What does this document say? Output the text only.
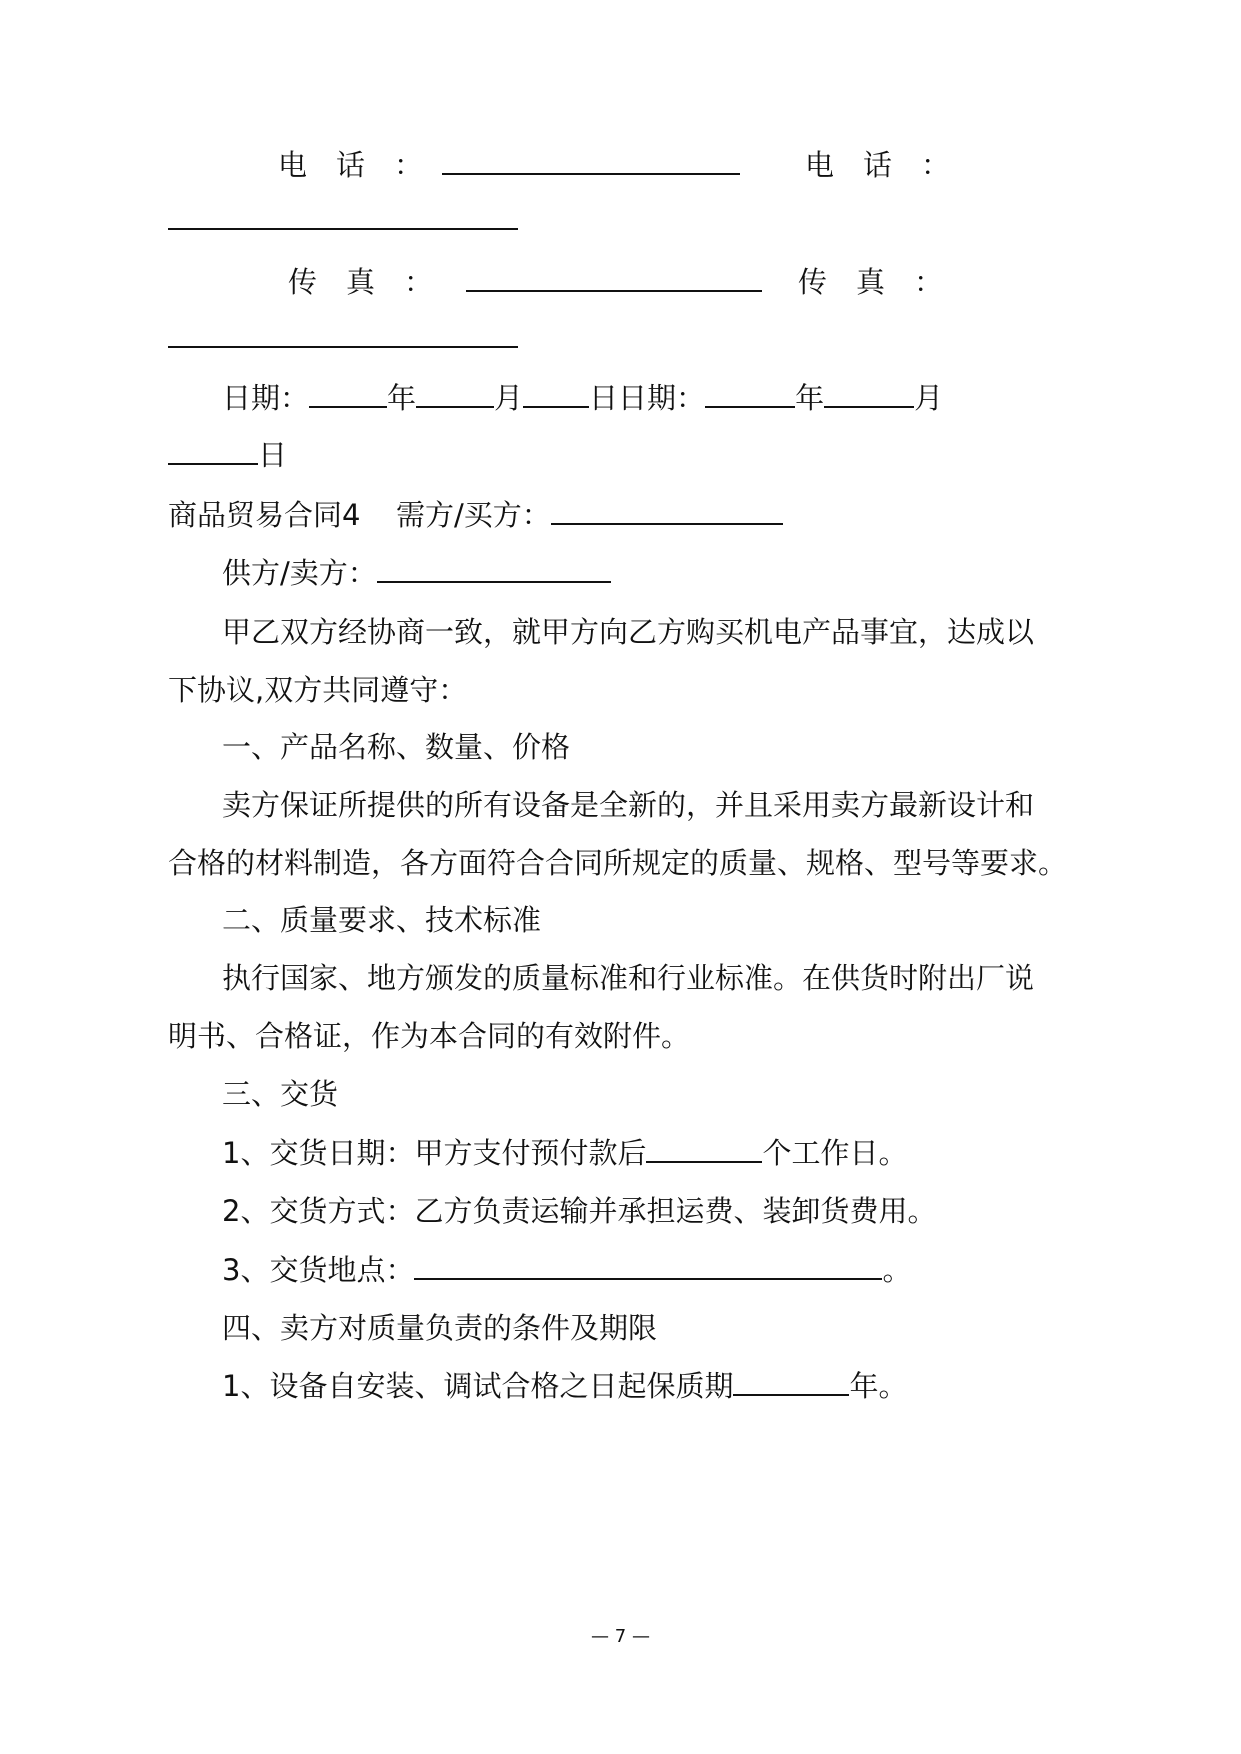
电　话　：	电　话　：
传　真　：	传　真　：
日期：	年	月 日日期：	年	月
日
商品贸易合同4 需方/买方：
供方/卖方：
甲乙双方经协商一致，就甲方向乙方购买机电产品事宜，达成以
下协议,双方共同遵守：
一、产品名称、数量、价格
卖方保证所提供的所有设备是全新的，并且采用卖方最新设计和
合格的材料制造，各方面符合合同所规定的质量、规格、型号等要求。
二、质量要求、技术标准
执行国家、地方颁发的质量标准和行业标准。在供货时附出厂说
明书、合格证，作为本合同的有效附件。
三、交货
1、交货日期：甲方支付预付款后	个工作日。
2、交货方式：乙方负责运输并承担运费、装卸货费用。
3、交货地点：	。
四、卖方对质量负责的条件及期限
1、设备自安装、调试合格之日起保质期	年。
— 7 —
